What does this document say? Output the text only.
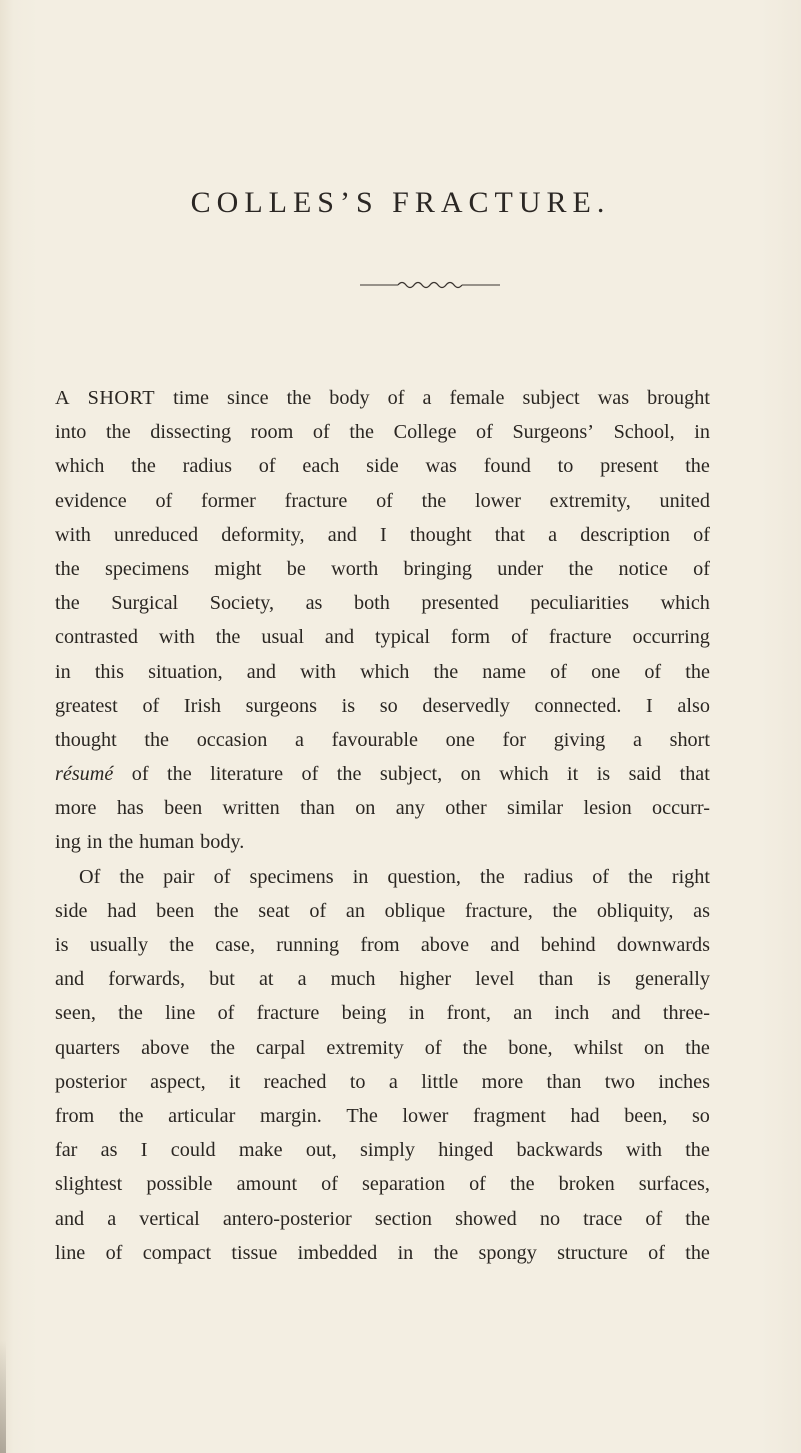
COLLES’S FRACTURE.
A SHORT time since the body of a female subject was brought
into the dissecting room of the College of Surgeons’ School, in
which the radius of each side was found to present the
evidence of former fracture of the lower extremity, united
with unreduced deformity, and I thought that a description of
the specimens might be worth bringing under the notice of
the Surgical Society, as both presented peculiarities which
contrasted with the usual and typical form of fracture occurring
in this situation, and with which the name of one of the
greatest of Irish surgeons is so deservedly connected. I also
thought the occasion a favourable one for giving a short
résumé of the literature of the subject, on which it is said that
more has been written than on any other similar lesion occurr-
ing in the human body.
Of the pair of specimens in question, the radius of the right
side had been the seat of an oblique fracture, the obliquity, as
is usually the case, running from above and behind downwards
and forwards, but at a much higher level than is generally
seen, the line of fracture being in front, an inch and three-
quarters above the carpal extremity of the bone, whilst on the
posterior aspect, it reached to a little more than two inches
from the articular margin. The lower fragment had been, so
far as I could make out, simply hinged backwards with the
slightest possible amount of separation of the broken surfaces,
and a vertical antero-posterior section showed no trace of the
line of compact tissue imbedded in the spongy structure of the
